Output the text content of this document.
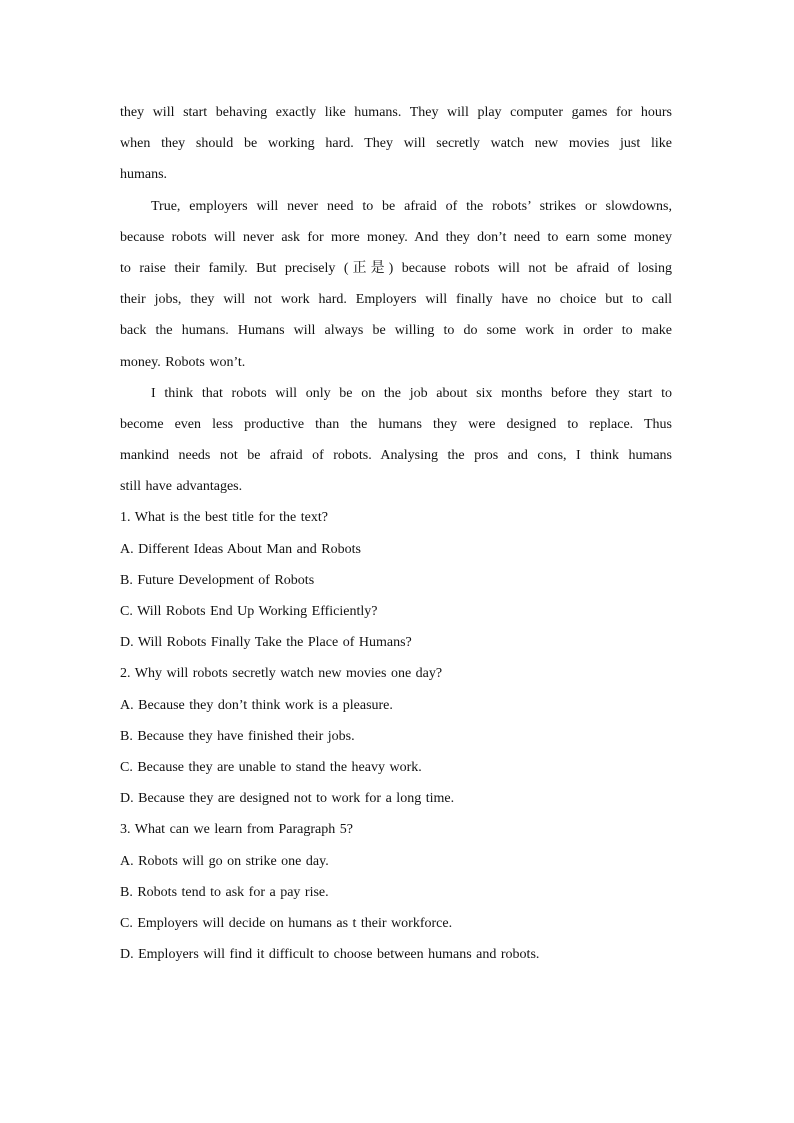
they will start behaving exactly like humans. They will play computer games for hours
when they should be working hard. They will secretly watch new movies just like
humans.
True, employers will never need to be afraid of the robots’ strikes or slowdowns,
because robots will never ask for more money. And they don’t need to earn some money
to raise their family. But precisely (正是) because robots will not be afraid of losing
their jobs, they will not work hard. Employers will finally have no choice but to call
back the humans. Humans will always be willing to do some work in order to make
money. Robots won’t.
I think that robots will only be on the job about six months before they start to
become even less productive than the humans they were designed to replace. Thus
mankind needs not be afraid of robots. Analysing the pros and cons, I think humans
still have advantages.
1. What is the best title for the text?
A. Different Ideas About Man and Robots
B. Future Development of Robots
C. Will Robots End Up Working Efficiently?
D. Will Robots Finally Take the Place of Humans?
2. Why will robots secretly watch new movies one day?
A. Because they don’t think work is a pleasure.
B. Because they have finished their jobs.
C. Because they are unable to stand the heavy work.
D. Because they are designed not to work for a long time.
3. What can we learn from Paragraph 5?
A. Robots will go on strike one day.
B. Robots tend to ask for a pay rise.
C. Employers will decide on humans as t their workforce.
D. Employers will find it difficult to choose between humans and robots.
